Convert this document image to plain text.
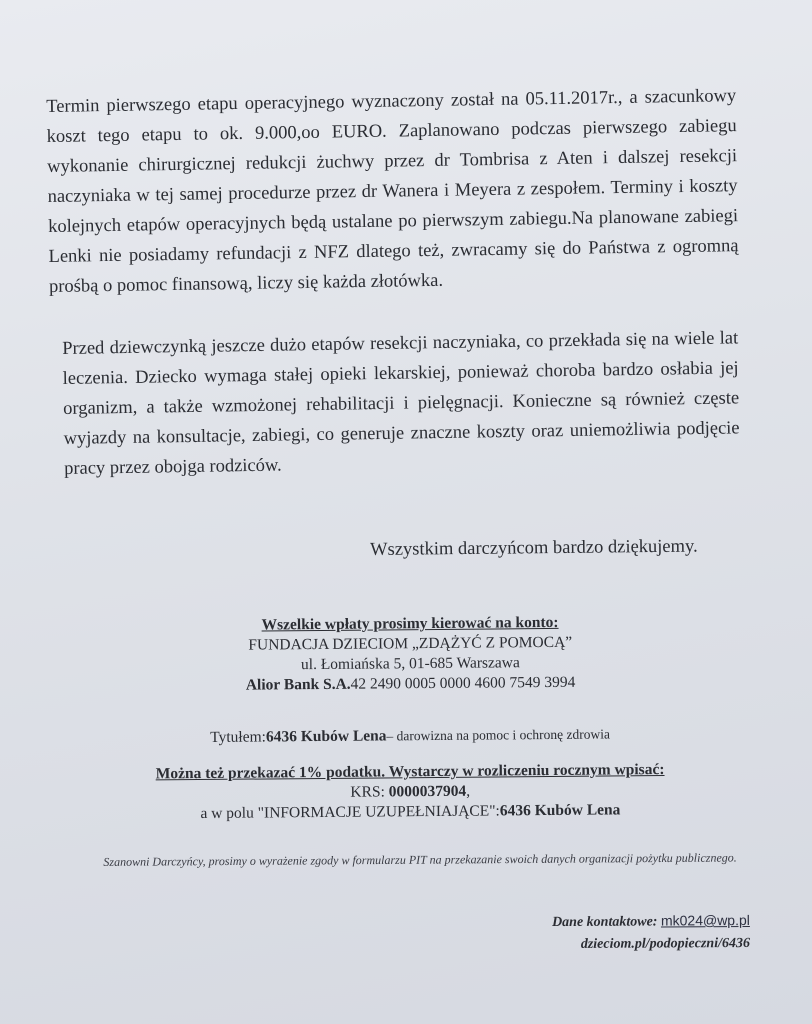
Termin pierwszego etapu operacyjnego wyznaczony został na 05.11.2017r., a szacunkowy koszt tego etapu to ok. 9.000,oo EURO. Zaplanowano podczas pierwszego zabiegu wykonanie chirurgicznej redukcji żuchwy przez dr Tombrisa z Aten i dalszej resekcji naczyniaka w tej samej procedurze przez dr Wanera i Meyera z zespołem. Terminy i koszty kolejnych etapów operacyjnych będą ustalane po pierwszym zabiegu.Na planowane zabiegi Lenki nie posiadamy refundacji z NFZ dlatego też, zwracamy się do Państwa z ogromną prośbą o pomoc finansową, liczy się każda złotówka.

Przed dziewczynką jeszcze dużo etapów resekcji naczyniaka, co przekłada się na wiele lat leczenia. Dziecko wymaga stałej opieki lekarskiej, ponieważ choroba bardzo osłabia jej organizm, a także wzmożonej rehabilitacji i pielęgnacji. Konieczne są również częste wyjazdy na konsultacje, zabiegi, co generuje znaczne koszty oraz uniemożliwia podjęcie pracy przez obojga rodziców.

Wszystkim darczyńcom bardzo dziękujemy.
Wszelkie wpłaty prosimy kierować na konto:
FUNDACJA DZIECIOM „ZDĄŻYĆ Z POMOCĄ”
ul. Łomiańska 5, 01-685 Warszawa
Alior Bank S.A.42 2490 0005 0000 4600 7549 3994
Tytułem:6436 Kubów Lena– darowizna na pomoc i ochronę zdrowia
Można też przekazać 1% podatku. Wystarczy w rozliczeniu rocznym wpisać:
KRS: 0000037904,
a w polu "INFORMACJE UZUPEŁNIAJĄCE":6436 Kubów Lena
Szanowni Darczyńcy, prosimy o wyrażenie zgody w formularzu PIT na przekazanie swoich danych organizacji pożytku publicznego.
Dane kontaktowe: mk024@wp.pl
dzieciom.pl/podopieczni/6436
